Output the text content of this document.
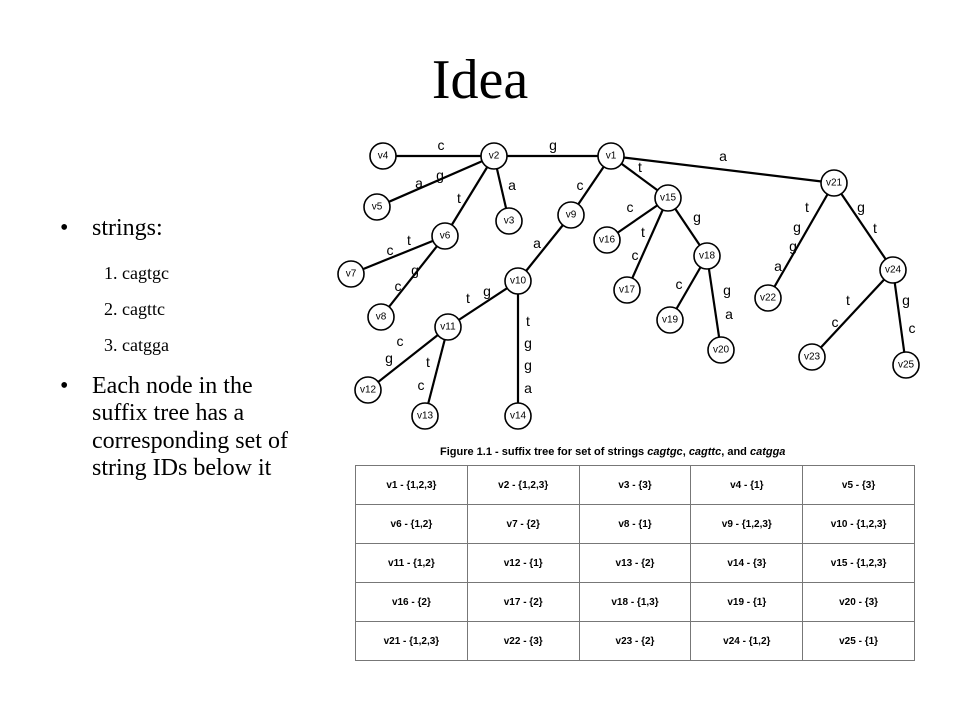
Idea
• strings:
1. cagtgc
2. cagttc
3. catgga
• Each node in the suffix tree has a corresponding set of string IDs below it
c	g
a
t
c
a g
a
t
c
t
g
c
a
t g
t
g
g
a
g
c
t
c
c
t
c
g
c	g
a
t
g
g
a
g
t
t
c
g
c
v1
v2
v3
v4
v5
v6
v7
v8
v9
v10
v11
v12
v13	v14
v15
v16
v17
v18
v19
v20
v21
v22
v23
v24
v25
Figure 1.1 - suffix tree for set of strings cagtgc, cagttc, and catgga
v1 - {1,2,3}	v2 - {1,2,3}	v3 - {3}	v4 - {1}	v5 - {3}
v6 - {1,2}	v7 - {2}	v8 - {1}	v9 - {1,2,3}	v10 - {1,2,3}
v11 - {1,2}	v12 - {1}	v13 - {2}	v14 - {3}	v15 - {1,2,3}
v16 - {2}	v17 - {2}	v18 - {1,3}	v19 - {1}	v20 - {3}
v21 - {1,2,3}	v22 - {3}	v23 - {2}	v24 - {1,2}	v25 - {1}
